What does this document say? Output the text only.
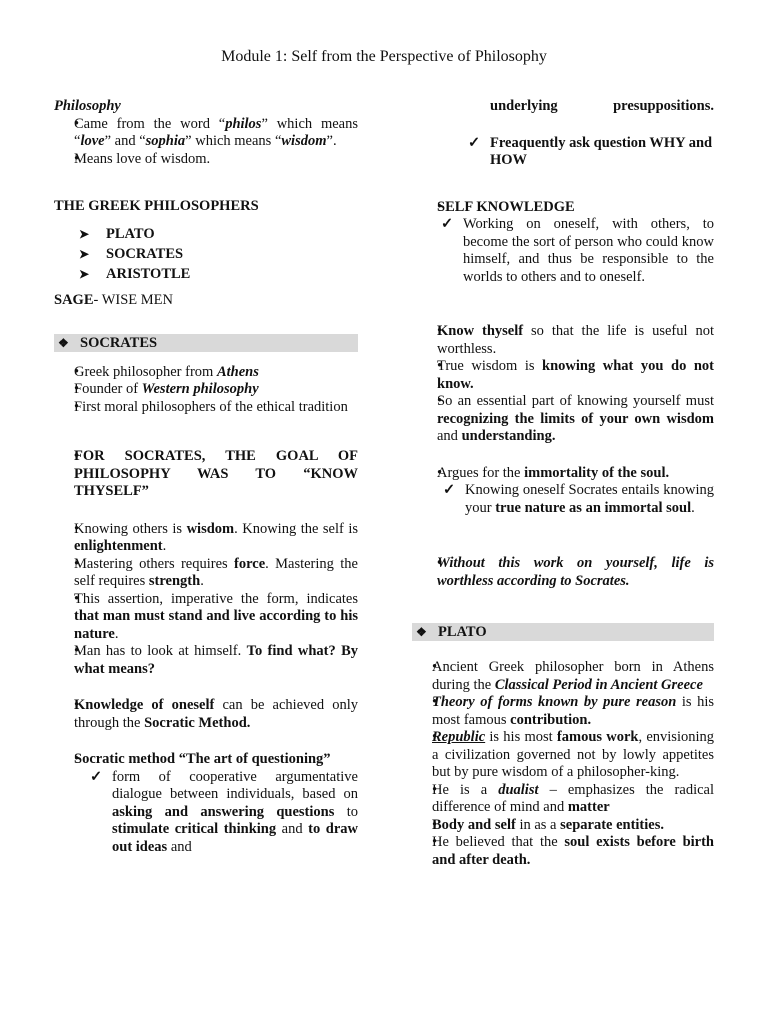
Module 1: Self from the Perspective of Philosophy

Philosophy

• Came from the word “philos” which means “love” and “sophia” which means “wisdom”.
• Means love of wisdom.

THE GREEK PHILOSOPHERS

➤ PLATO
➤ SOCRATES
➤ ARISTOTLE

SAGE- WISE MEN

❖ SOCRATES
• Greek philosopher from Athens
• Founder of Western philosophy
• First moral philosophers of the ethical tradition
• FOR SOCRATES, THE GOAL OF PHILOSOPHY WAS TO “KNOW THYSELF”
• Knowing others is wisdom. Knowing the self is enlightenment.
• Mastering others requires force. Mastering the self requires strength.
• This assertion, imperative the form, indicates that man must stand and live according to his nature.
• Man has to look at himself. To find what? By what means?
• Knowledge of oneself can be achieved only through the Socratic Method.
• Socratic method “The art of questioning”
✓ form of cooperative argumentative dialogue between individuals, based on asking and answering questions to stimulate critical thinking and to draw out ideas and

underlying presuppositions.

✓ Freaquently ask question WHY and HOW
• SELF KNOWLEDGE
✓ Working on oneself, with others, to become the sort of person who could know himself, and thus be responsible to the worlds to others and to oneself.
• Know thyself so that the life is useful not worthless.
• True wisdom is knowing what you do not know.
• So an essential part of knowing yourself must recognizing the limits of your own wisdom and understanding.
• Argues for the immortality of the soul.
✓ Knowing oneself Socrates entails knowing your true nature as an immortal soul.
• Without this work on yourself, life is worthless according to Socrates.
❖ PLATO
• Ancient Greek philosopher born in Athens during the Classical Period in Ancient Greece
• Theory of forms known by pure reason is his most famous contribution.
• Republic is his most famous work, envisioning a civilization governed not by lowly appetites but by pure wisdom of a philosopher-king.
• He is a dualist – emphasizes the radical difference of mind and matter
• Body and self in as a separate entities.
• He believed that the soul exists before birth and after death.
